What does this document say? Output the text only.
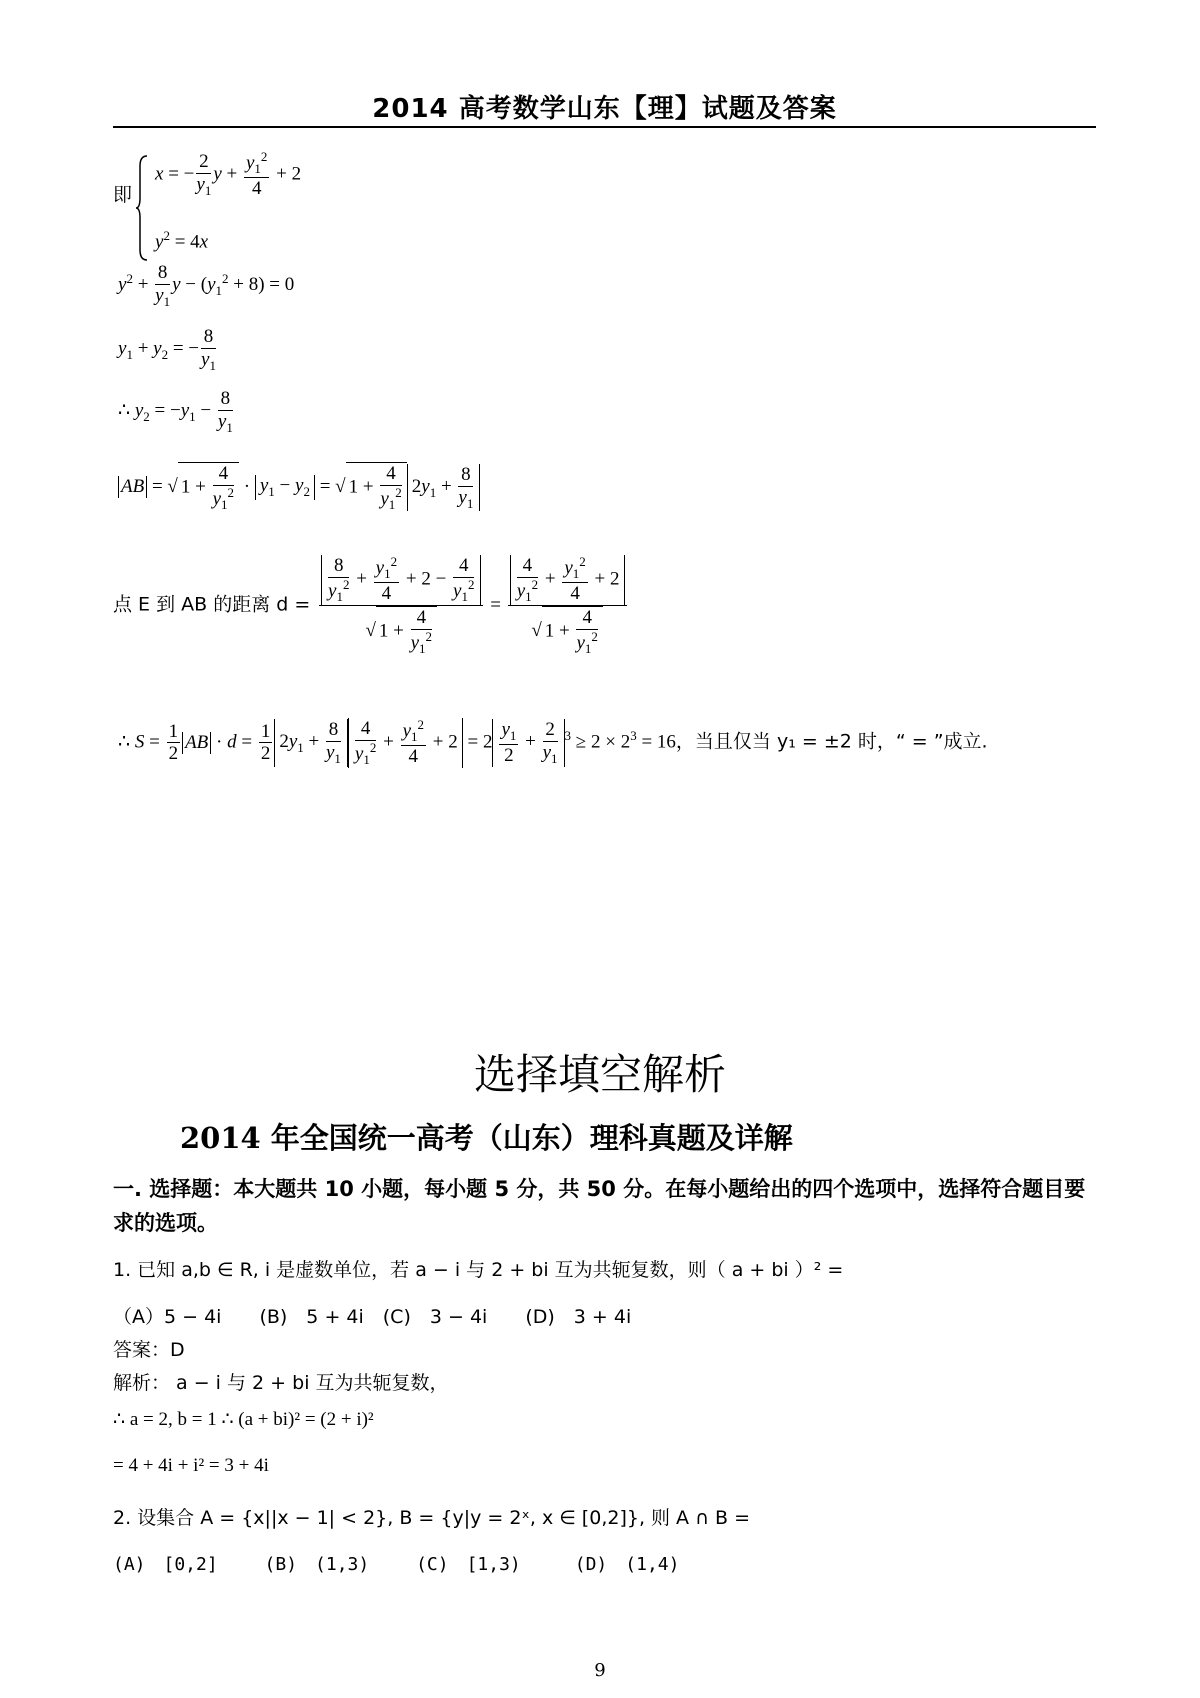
2014 高考数学山东【理】试题及答案
即
x = − $\frac{2}{y_1}$ $y + \frac{y_1^2}{4} + 2$
$y^2 = 4x$
$y^2 + \frac{8}{y_1}$ $y - (y_1^2 + 8) = 0$
$y_1 + y_2$ = − $\frac{8}{y_1}$
∴ $y_2 = -y_1 - \frac{8}{y_1}$
AB = √ $1 + \frac{4}{y_1^2} \cdot y_1 - y_2$ = √ $1 + \frac{4}{y_1^2} 2y_1 + \frac{8}{y_1}$
点 E 到 AB 的距离 $d = \frac{\frac{8}{y_1^2} + \frac{y_1^2}{4} + 2 - \frac{4}{y_1^2}}{√ 1 + \frac{4}{y_1^2}} = \frac{\frac{4}{y_1^2} + \frac{y_1^2}{4} + 2}{√ 1 + \frac{4}{y_1^2}}$
∴ $S = \frac{1}{2}$ AB · $d = \frac{1}{2} 2y_1 + \frac{8}{y_1} \frac{4}{y_1^2} + \frac{y_1^2}{4} + 2 = 2 \frac{y_1}{2} + \frac{2}{y_1} ^3 \ge 2 \times 2^3 = 16$，当且仅当 y₁ = ±2 时，“ = ”成立.
选择填空解析
2014 年全国统一高考（山东）理科真题及详解
一. 选择题：本大题共 10 小题，每小题 5 分，共 50 分。在每小题给出的四个选项中，选择符合题目要求的选项。
1. 已知 a,b ∈ R, i 是虚数单位，若 a − i 与 2 + bi 互为共轭复数，则（ a + bi ）² =
（A）5 − 4i　　(B)　5 + 4i　(C)　3 − 4i　　(D)　3 + 4i
答案：D
解析： a − i 与 2 + bi 互为共轭复数，
∴ a = 2, b = 1 ∴ (a + bi)² = (2 + i)²
= 4 + 4i + i² = 3 + 4i
2. 设集合 A = {x||x − 1| < 2}, B = {y|y = 2ˣ, x ∈ [0,2]}, 则 A ∩ B =
(A)　[0,2]　　 (B)　(1,3)　　 (C)　[1,3)　　　(D)　(1,4)
9
